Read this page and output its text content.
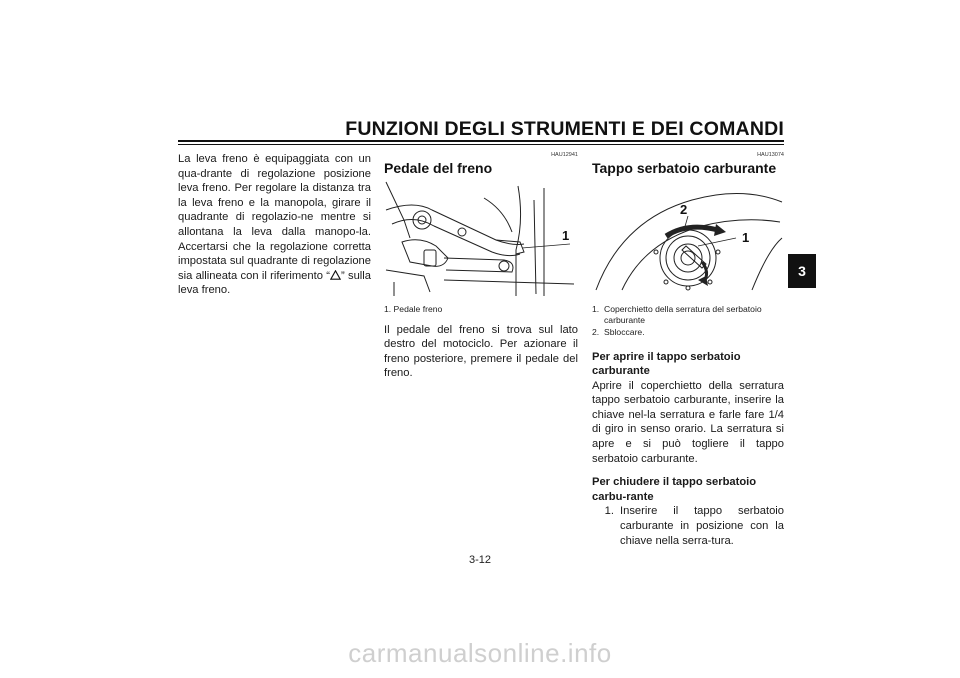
FUNZIONI DEGLI STRUMENTI E DEI COMANDI
3

La leva freno è equipaggiata con un qua-drante di regolazione posizione leva freno. Per regolare la distanza tra la leva freno e la manopola, girare il quadrante di regolazio-ne mentre si allontana la leva dalla manopo-la. Accertarsi che la regolazione corretta impostata sul quadrante di regolazione sia allineata con il riferimento “ ” sulla leva freno.

HAU12941
Pedale del freno
1
1. Pedale freno

Il pedale del freno si trova sul lato destro del motociclo. Per azionare il freno posteriore, premere il pedale del freno.

HAU13074
Tappo serbatoio carburante
1
2
1. Coperchietto della serratura del serbatoio
carburante
2. Sbloccare.

Per aprire il tappo serbatoio carburante

Aprire il coperchietto della serratura tappo serbatoio carburante, inserire la chiave nel-la serratura e farle fare 1/4 di giro in senso orario. La serratura si apre e si può togliere il tappo serbatoio carburante.

Per chiudere il tappo serbatoio carbu-rante

1. Inserire il tappo serbatoio carburante in posizione con la chiave nella serra-tura.
3-12
carmanualsonline.info
